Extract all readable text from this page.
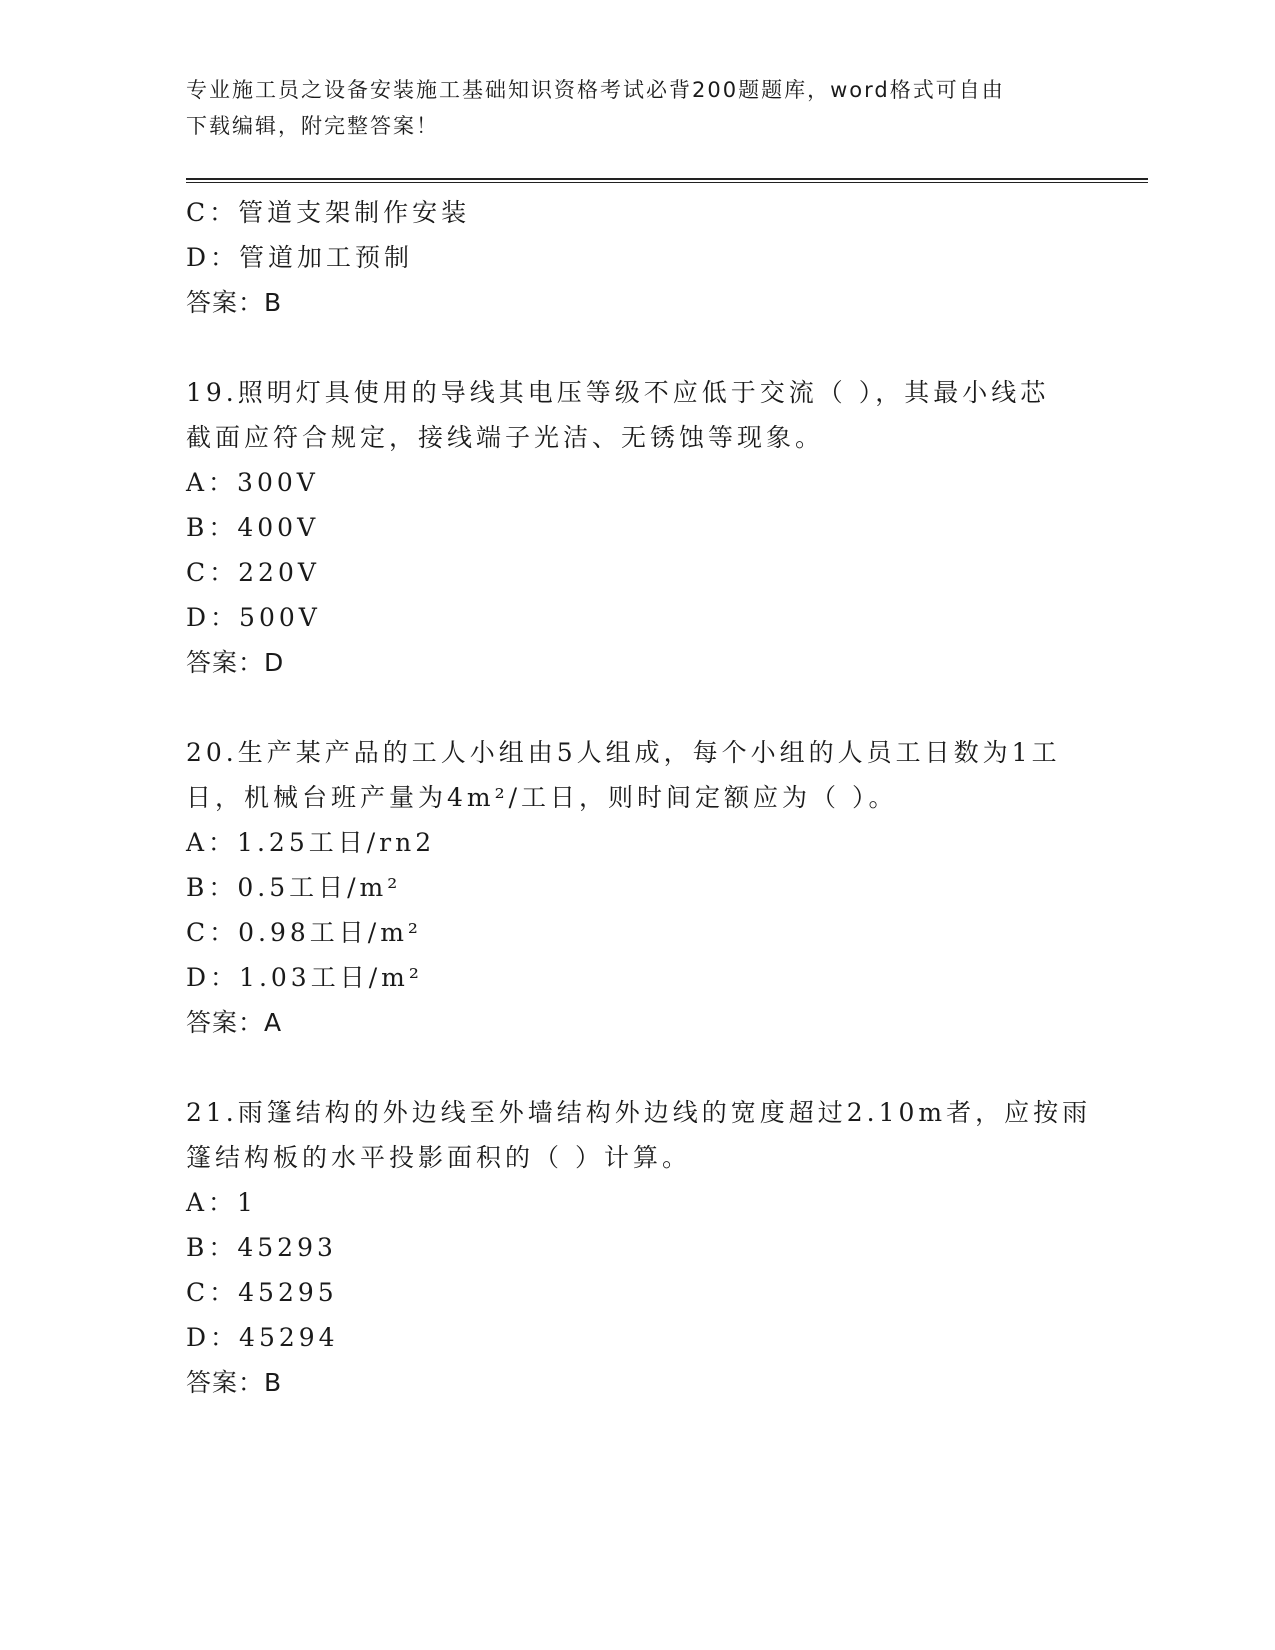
专业施工员之设备安装施工基础知识资格考试必背200题题库，word格式可自由
下载编辑，附完整答案！
C：管道支架制作安装
D：管道加工预制
答案：B
19.照明灯具使用的导线其电压等级不应低于交流（ ），其最小线芯
截面应符合规定，接线端子光洁、无锈蚀等现象。
A：300V
B：400V
C：220V
D：500V
答案：D
20.生产某产品的工人小组由5人组成，每个小组的人员工日数为1工
日，机械台班产量为4m²/工日，则时间定额应为（ ）。
A：1.25工日/rn2
B：0.5工日/m²
C：0.98工日/m²
D：1.03工日/m²
答案：A
21.雨篷结构的外边线至外墙结构外边线的宽度超过2.10m者，应按雨
篷结构板的水平投影面积的（ ）计算。
A：1
B：45293
C：45295
D：45294
答案：B
